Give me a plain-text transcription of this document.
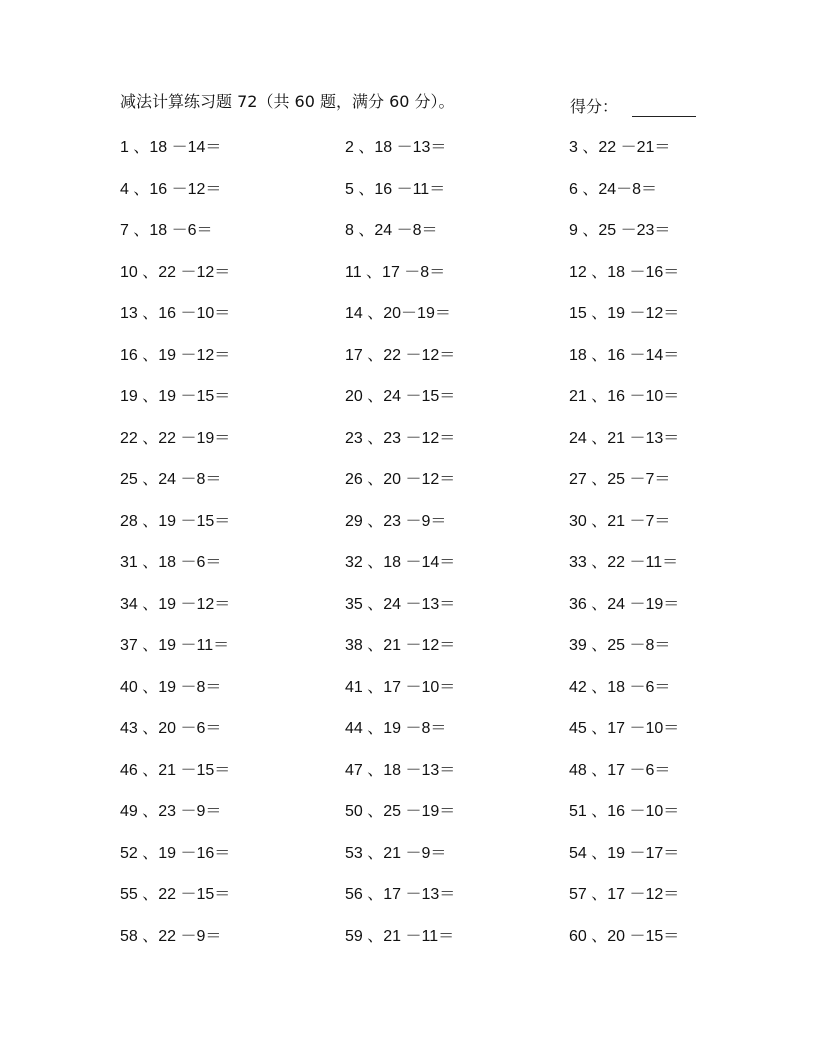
减法计算练习题 72（共 60 题，满分 60 分）。	得分：
1 、18 －14＝	2 、18 －13＝	3 、22 －21＝
4 、16 －12＝	5 、16 －11＝	6 、24－8＝
7 、18 －6＝	8 、24 －8＝	9 、25 －23＝
10 、22 －12＝	11 、17 －8＝	12 、18 －16＝
13 、16 －10＝	14 、20－19＝	15 、19 －12＝
16 、19 －12＝	17 、22 －12＝	18 、16 －14＝
19 、19 －15＝	20 、24 －15＝	21 、16 －10＝
22 、22 －19＝	23 、23 －12＝	24 、21 －13＝
25 、24 －8＝	26 、20 －12＝	27 、25 －7＝
28 、19 －15＝	29 、23 －9＝	30 、21 －7＝
31 、18 －6＝	32 、18 －14＝	33 、22 －11＝
34 、19 －12＝	35 、24 －13＝	36 、24 －19＝
37 、19 －11＝	38 、21 －12＝	39 、25 －8＝
40 、19 －8＝	41 、17 －10＝	42 、18 －6＝
43 、20 －6＝	44 、19 －8＝	45 、17 －10＝
46 、21 －15＝	47 、18 －13＝	48 、17 －6＝
49 、23 －9＝	50 、25 －19＝	51 、16 －10＝
52 、19 －16＝	53 、21 －9＝	54 、19 －17＝
55 、22 －15＝	56 、17 －13＝	57 、17 －12＝
58 、22 －9＝	59 、21 －11＝	60 、20 －15＝
